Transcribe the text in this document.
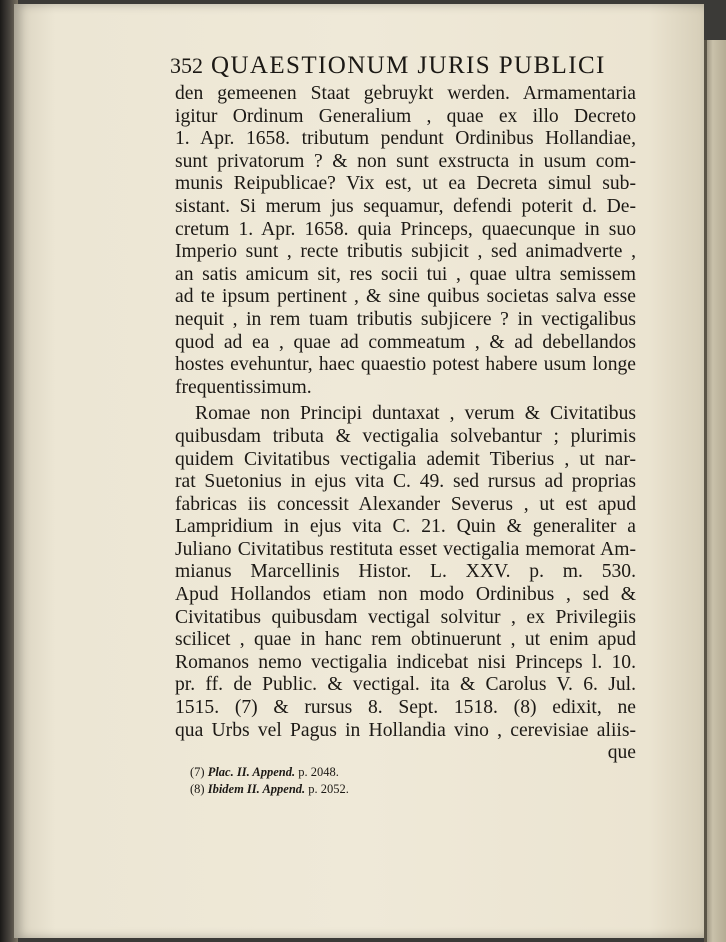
352 QUAESTIONUM JURIS PUBLICI
den gemeenen Staat gebruykt werden. Armamentaria
igitur Ordinum Generalium , quae ex illo Decreto
1. Apr. 1658. tributum pendunt Ordinibus Hollandiae,
sunt privatorum ? & non sunt exstructa in usum com-
munis Reipublicae? Vix est, ut ea Decreta simul sub-
sistant. Si merum jus sequamur, defendi poterit d. De-
cretum 1. Apr. 1658. quia Princeps, quaecunque in suo
Imperio sunt , recte tributis subjicit , sed animadverte ,
an satis amicum sit, res socii tui , quae ultra semissem
ad te ipsum pertinent , & sine quibus societas salva esse
nequit , in rem tuam tributis subjicere ? in vectigalibus
quod ad ea , quae ad commeatum , & ad debellandos
hostes evehuntur, haec quaestio potest habere usum longe
frequentissimum.
Romae non Principi duntaxat , verum & Civitatibus
quibusdam tributa & vectigalia solvebantur ; plurimis
quidem Civitatibus vectigalia ademit Tiberius , ut nar-
rat Suetonius in ejus vita C. 49. sed rursus ad proprias
fabricas iis concessit Alexander Severus , ut est apud
Lampridium in ejus vita C. 21. Quin & generaliter a
Juliano Civitatibus restituta esset vectigalia memorat Am-
mianus Marcellinis Histor. L. XXV. p. m. 530.
Apud Hollandos etiam non modo Ordinibus , sed &
Civitatibus quibusdam vectigal solvitur , ex Privilegiis
scilicet , quae in hanc rem obtinuerunt , ut enim apud
Romanos nemo vectigalia indicebat nisi Princeps l. 10.
pr. ff. de Public. & vectigal. ita & Carolus V. 6. Jul.
1515. (7) & rursus 8. Sept. 1518. (8) edixit, ne
qua Urbs vel Pagus in Hollandia vino , cerevisiae aliis-
que
(7) Plac. II. Append. p. 2048.
(8) Ibidem II. Append. p. 2052.
